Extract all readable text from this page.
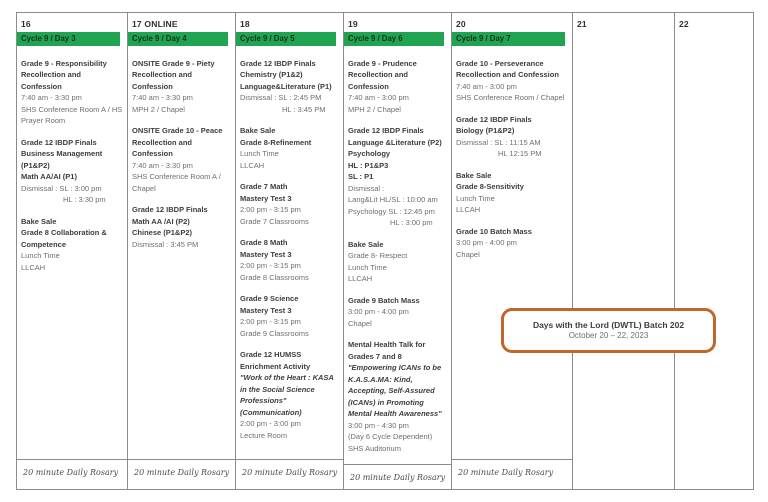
16
Cycle 9 / Day 3
Grade 9 - Responsibility Recollection and Confession
7:40 am - 3:30 pm
SHS Conference Room A / HS Prayer Room
Grade 12 IBDP Finals Business Management (P1&P2)
Math AA/AI (P1)
Dismissal : SL : 3:00 pm
HL : 3:30 pm
Bake Sale
Grade 8 Collaboration & Competence
Lunch Time
LLCAH
20 minute Daily Rosary
17 ONLINE
Cycle 9 / Day 4
ONSITE Grade 9 - Piety Recollection and Confession
7:40 am - 3:30 pm
MPH 2 / Chapel
ONSITE Grade 10 - Peace Recollection and Confession
7:40 am - 3:30 pm
SHS Conference Room A / Chapel
Grade 12 IBDP Finals
Math AA /AI (P2)
Chinese (P1&P2)
Dismissal : 3:45 PM
20 minute Daily Rosary
18
Cycle 9 / Day 5
Grade 12 IBDP Finals Chemistry (P1&2) Language&Literature (P1)
Dismissal : SL : 2:45 PM
HL : 3:45 PM
Bake Sale
Grade 8-Refinement
Lunch Time
LLCAH
Grade 7 Math
Mastery Test 3
2:00 pm - 3:15 pm
Grade 7 Classrooms
Grade 8 Math
Mastery Test 3
2:00 pm - 3:15 pm
Grade 8 Classrooms
Grade 9 Science
Mastery Test 3
2:00 pm - 3:15 pm
Grade 9 Classrooms
Grade 12 HUMSS Enrichment Activity
"Work of the Heart : KASA in the Social Science Professions" (Communication)
2:00 pm - 3:00 pm
Lecture Room
20 minute Daily Rosary
19
Cycle 9 / Day 6
Grade 9 - Prudence Recollection and Confession
7:40 am - 3:00 pm
MPH 2 / Chapel
Grade 12 IBDP Finals Language &Literature (P2) Psychology
HL : P1&P3
SL : P1
Dismissal :
Lang&Lit HL/SL : 10:00 am
Psychology SL : 12:45 pm
HL : 3:00 pm
Bake Sale
Grade 8- Respect
Lunch Time
LLCAH
Grade 9 Batch Mass
3:00 pm - 4:00 pm
Chapel
Mental Health Talk for Grades 7 and 8
"Empowering ICANs to be K.A.S.A.MA: Kind, Accepting, Self-Assured (ICANs) in Promoting Mental Health Awareness"
3:00 pm - 4:30 pm
(Day 6 Cycle Dependent)
SHS Auditorium
20 minute Daily Rosary
20
Cycle 9 / Day 7
Grade 10 - Perseverance Recollection and Confession
7:40 am - 3:00 pm
SHS Conference Room / Chapel
Grade 12 IBDP Finals
Biology (P1&P2)
Dismissal : SL : 11:15 AM
HL 12:15 PM
Bake Sale
Grade 8-Sensitivity
Lunch Time
LLCAH
Grade 10 Batch Mass
3:00 pm - 4:00 pm
Chapel
20 minute Daily Rosary
21	22
Days with the Lord (DWTL) Batch 202
October 20 – 22, 2023
